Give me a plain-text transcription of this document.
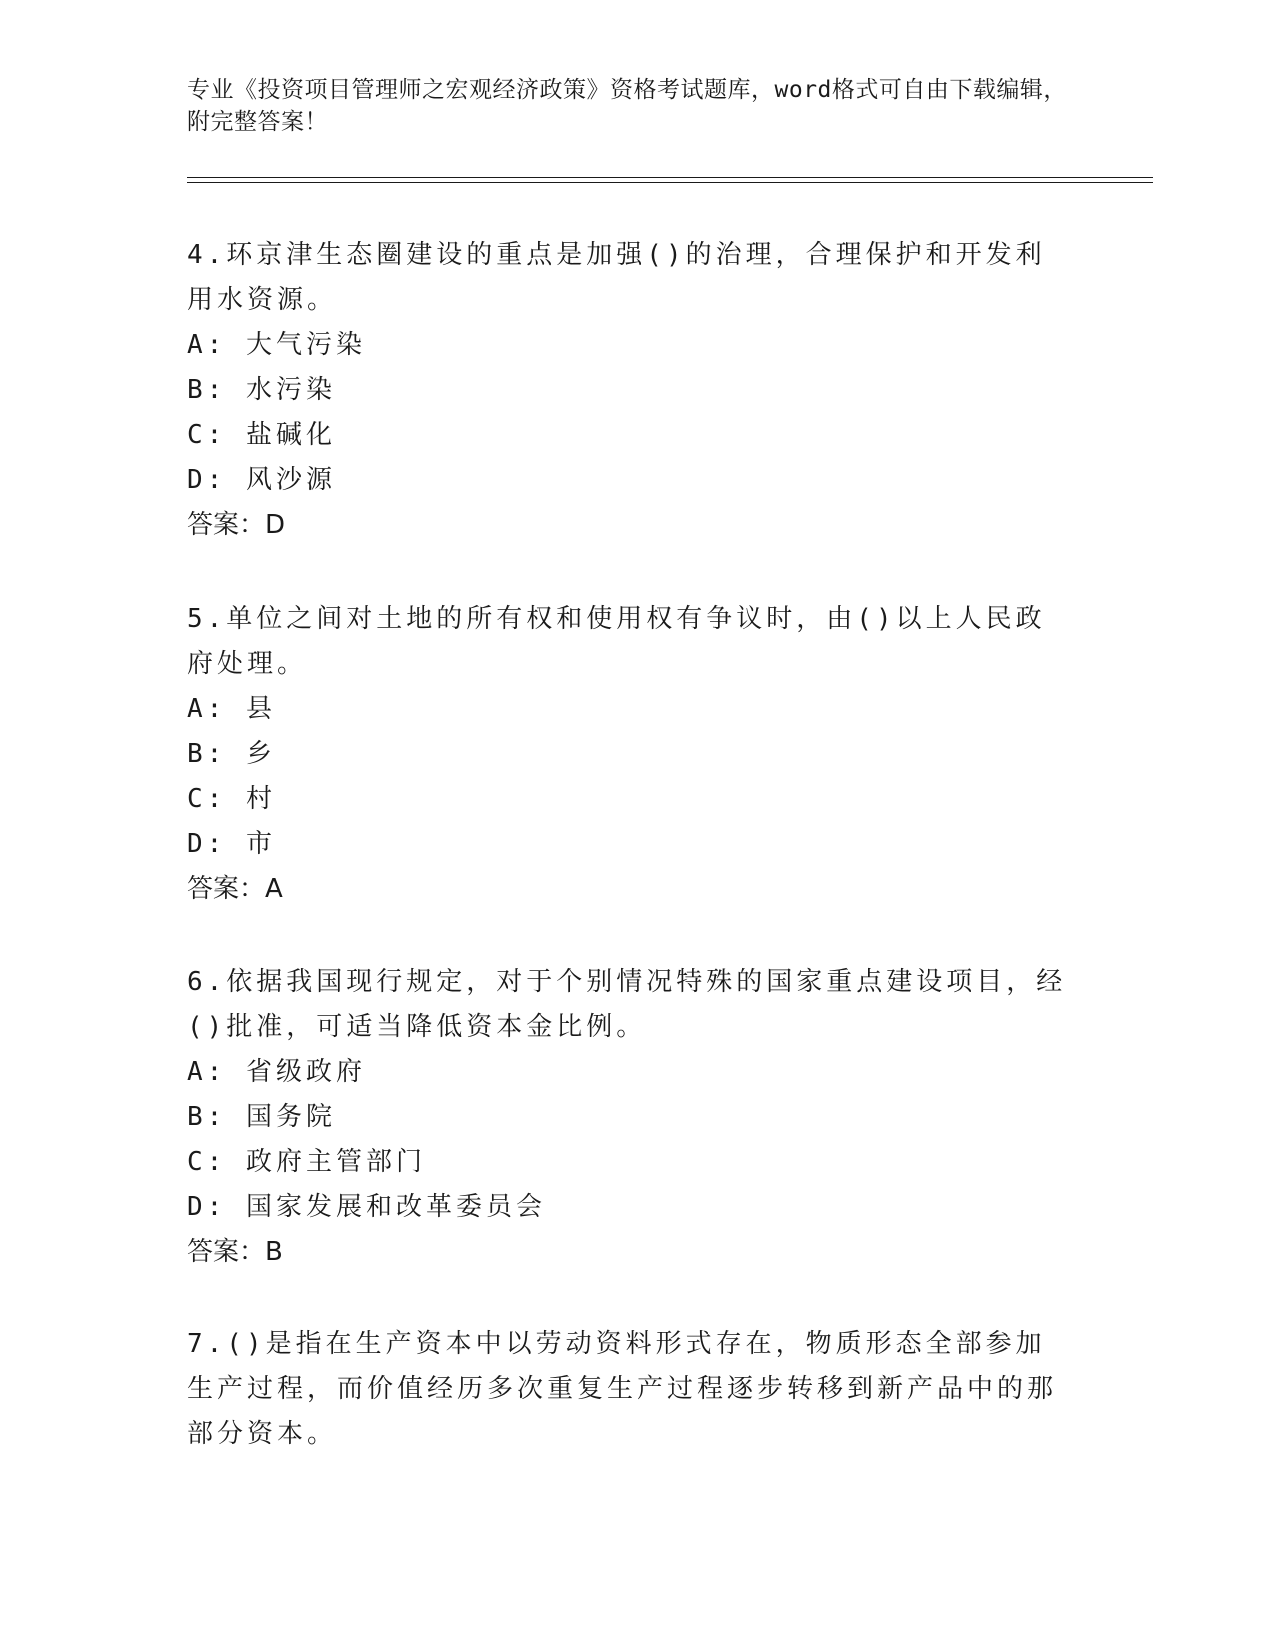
专业《投资项目管理师之宏观经济政策》资格考试题库，word格式可自由下载编辑，附完整答案！

4.环京津生态圈建设的重点是加强()的治理，合理保护和开发利用水资源。

A: 大气污染

B: 水污染

C: 盐碱化

D: 风沙源

答案：D

5.单位之间对土地的所有权和使用权有争议时，由()以上人民政府处理。

A: 县

B: 乡

C: 村

D: 市

答案：A

6.依据我国现行规定，对于个别情况特殊的国家重点建设项目，经()批准，可适当降低资本金比例。

A: 省级政府

B: 国务院

C: 政府主管部门

D: 国家发展和改革委员会

答案：B

7.()是指在生产资本中以劳动资料形式存在，物质形态全部参加生产过程，而价值经历多次重复生产过程逐步转移到新产品中的那部分资本。
